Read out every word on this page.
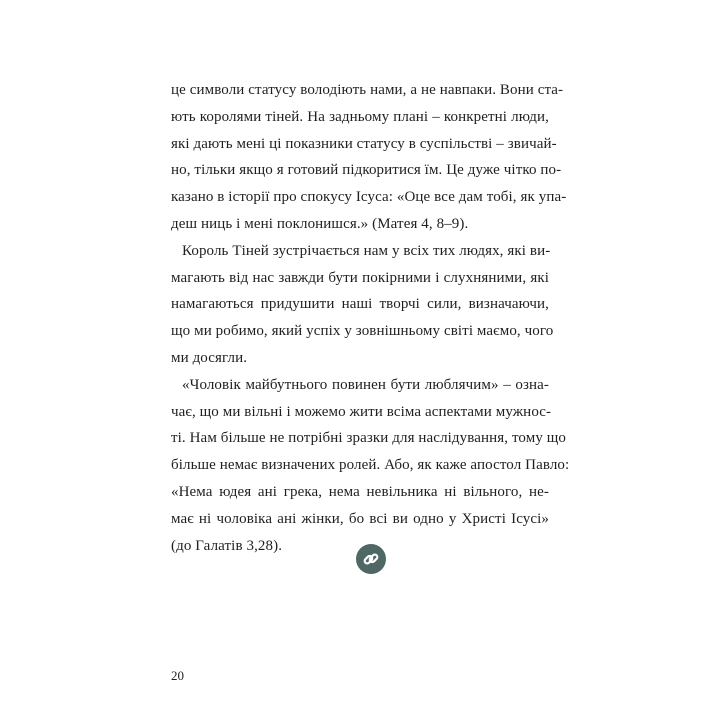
це символи статусу володіють нами, а не навпаки. Вони ста-
ють королями тіней. На задньому плані – конкретні люди,
які дають мені ці показники статусу в суспільстві – звичай-
но, тільки якщо я готовий підкоритися їм. Це дуже чітко по-
казано в історії про спокусу Ісуса: «Оце все дам тобі, як упа-
деш ниць і мені поклонишся.» (Матея 4, 8–9).
Король Тіней зустрічається нам у всіх тих людях, які ви-
магають від нас завжди бути покірними і слухняними, які
намагаються придушити наші творчі сили, визначаючи,
що ми робимо, який успіх у зовнішньому світі маємо, чого
ми досягли.
«Чоловік майбутнього повинен бути люблячим» – озна-
чає, що ми вільні і можемо жити всіма аспектами мужнос-
ті. Нам більше не потрібні зразки для наслідування, тому що
більше немає визначених ролей. Або, як каже апостол Павло:
«Нема юдея ані грека, нема невільника ні вільного, не-
має ні чоловіка ані жінки, бо всі ви одно у Христі Ісусі»
(до Галатів 3,28).
20
